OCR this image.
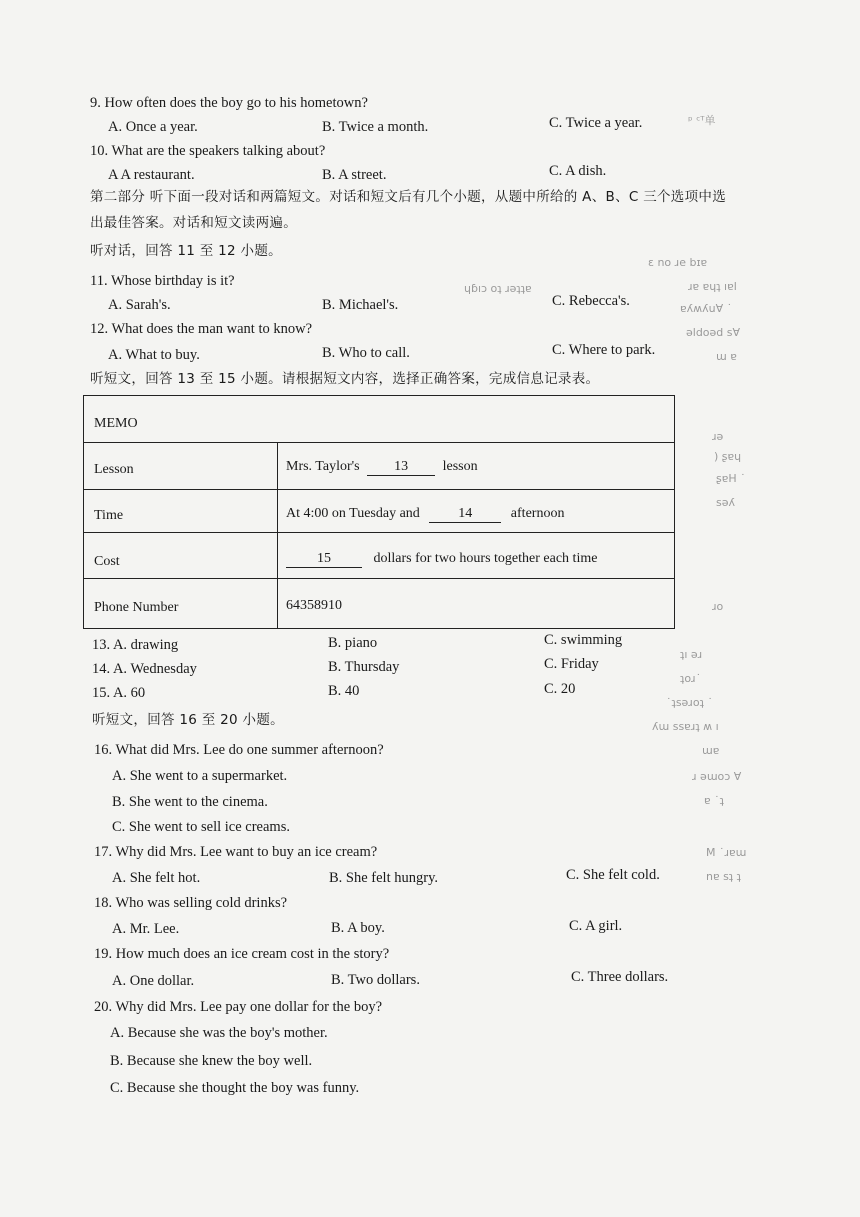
ᵖ ᶜᵀ单
ɛ no ɹe bɪɐ
ɹɐ ɐɥʇ ıɐl
ɥɓıɔ oʇ ɹǝʇʇɐ
ɐʎʍʎu∀ ˙
ǝldoǝd s∀
ɯ ɐ
ɹǝ
) ʂɐɥ
ʂɐH ˙
sǝʎ
ɹo
ʇı ǝɹ
ʇoɹ˙
˙ʇsǝɹoʇ ˙
ʎɯ ssɐɹʇ ʍ ı
ɯɐ
ɹ ǝɯoɔ ∀
ɐ ˙ʇ
M ˙ɹɐɯ
nɐ sʇ ʇ
9. How often does the boy go to his hometown?
A. Once a year.	B. Twice a month.	C. Twice a year.
10. What are the speakers talking about?
A A restaurant.	B. A street.	C. A dish.
第二部分 听下面一段对话和两篇短文。对话和短文后有几个小题，从题中所给的 A、B、C 三个选项中选
出最佳答案。对话和短文读两遍。
听对话，回答 11 至 12 小题。
11. Whose birthday is it?
A. Sarah's.	B. Michael's.	C. Rebecca's.
12. What does the man want to know?
A. What to buy.	B. Who to call.	C. Where to park.
听短文，回答 13 至 15 小题。请根据短文内容，选择正确答案，完成信息记录表。
MEMO
Lesson	Mrs. Taylor's 13 lesson
Time	At 4:00 on Tuesday and	14	afternoon
Cost	15	dollars for two hours together each time
Phone Number	64358910
13. A. drawing	B. piano	C. swimming
14. A. Wednesday	B. Thursday	C. Friday
15. A. 60	B. 40	C. 20
听短文，回答 16 至 20 小题。
16. What did Mrs. Lee do one summer afternoon?
A. She went to a supermarket.
B. She went to the cinema.
C. She went to sell ice creams.
17. Why did Mrs. Lee want to buy an ice cream?
A. She felt hot.	B. She felt hungry.	C. She felt cold.
18. Who was selling cold drinks?
A. Mr. Lee.	B. A boy.	C. A girl.
19. How much does an ice cream cost in the story?
A. One dollar.	B. Two dollars.	C. Three dollars.
20. Why did Mrs. Lee pay one dollar for the boy?
A. Because she was the boy's mother.
B. Because she knew the boy well.
C. Because she thought the boy was funny.
